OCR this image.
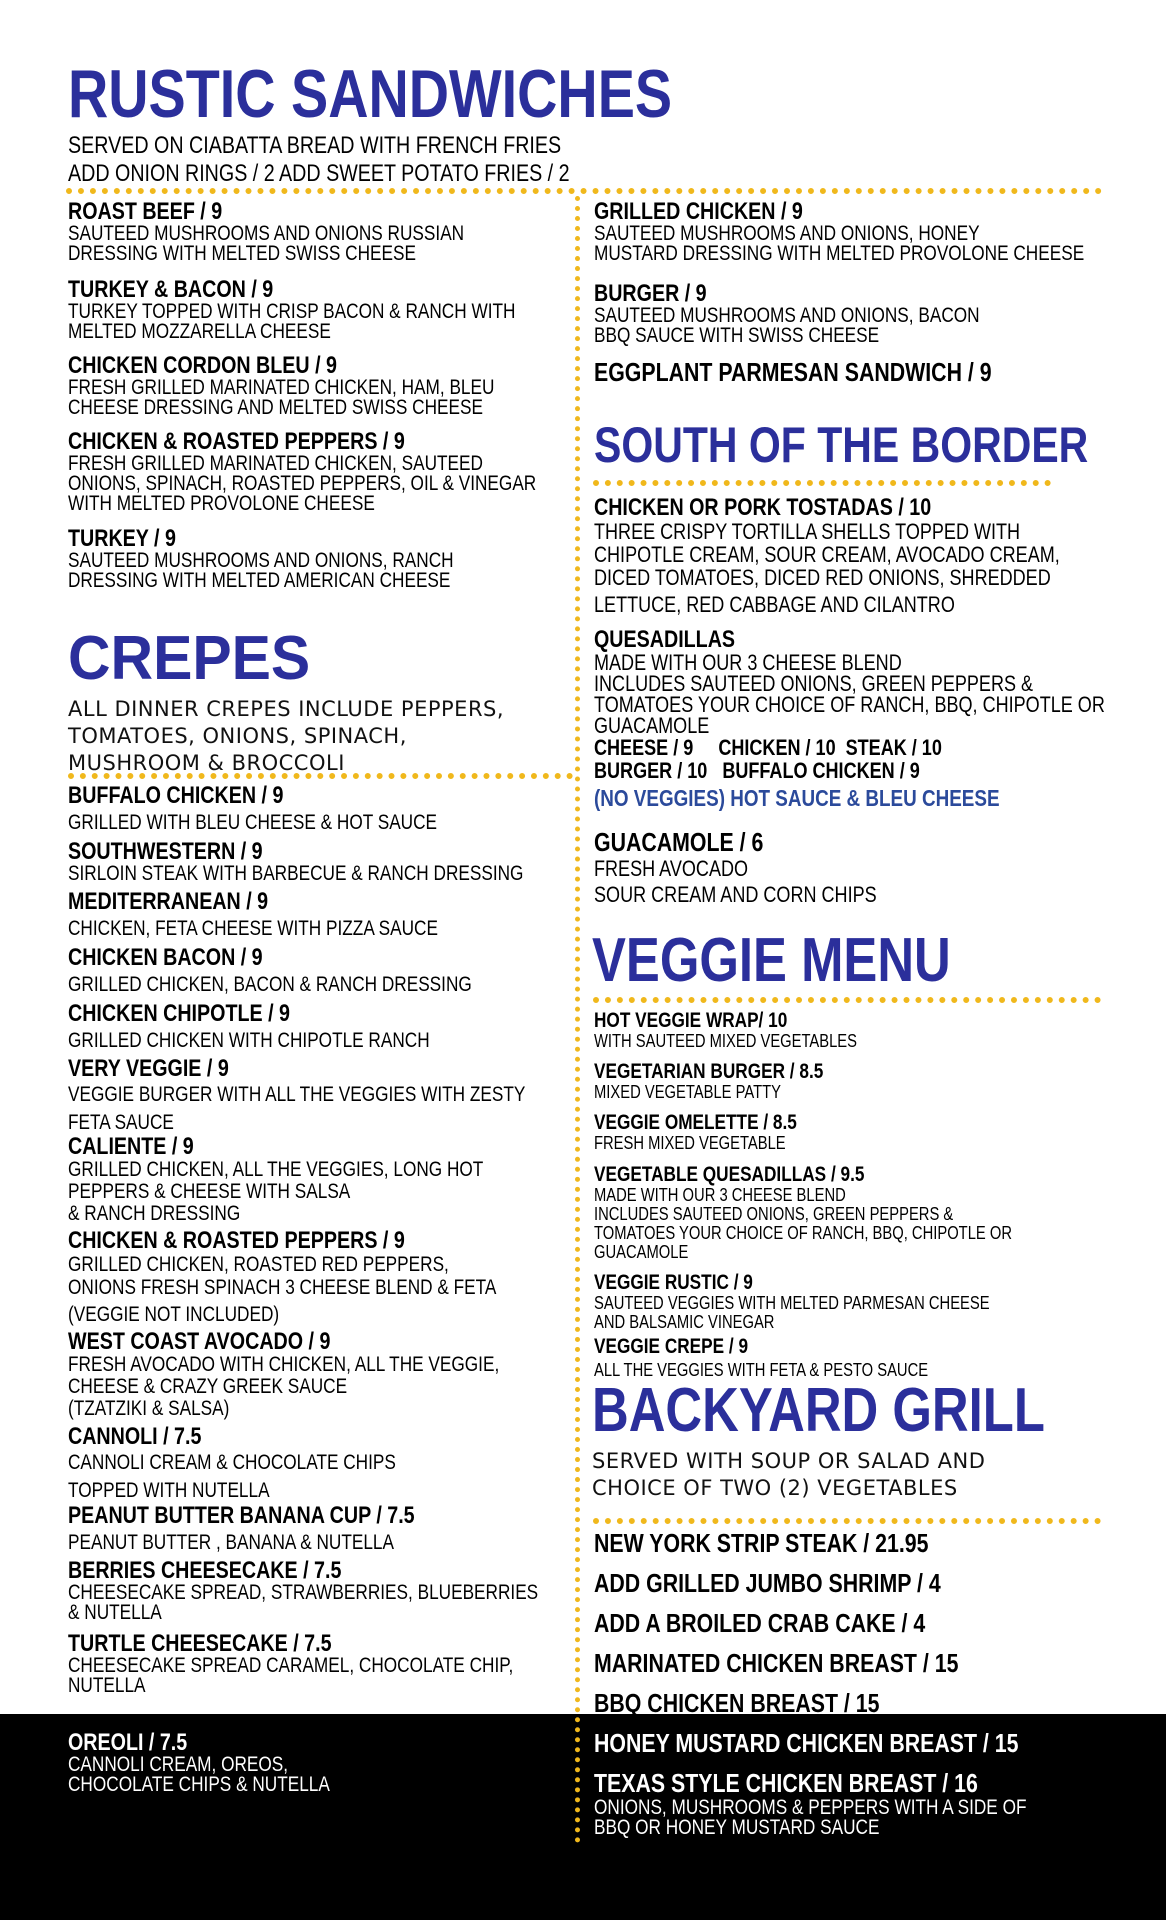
RUSTIC SANDWICHES
SERVED ON CIABATTA BREAD WITH FRENCH FRIES
ADD ONION RINGS / 2 ADD SWEET POTATO FRIES / 2
ROAST BEEF / 9
SAUTEED MUSHROOMS AND ONIONS RUSSIAN
DRESSING WITH MELTED SWISS CHEESE
TURKEY & BACON / 9
TURKEY TOPPED WITH CRISP BACON & RANCH WITH
MELTED MOZZARELLA CHEESE
CHICKEN CORDON BLEU / 9
FRESH GRILLED MARINATED CHICKEN, HAM, BLEU
CHEESE DRESSING AND MELTED SWISS CHEESE
CHICKEN & ROASTED PEPPERS / 9
FRESH GRILLED MARINATED CHICKEN, SAUTEED
ONIONS, SPINACH, ROASTED PEPPERS, OIL & VINEGAR
WITH MELTED PROVOLONE CHEESE
TURKEY / 9
SAUTEED MUSHROOMS AND ONIONS, RANCH
DRESSING WITH MELTED AMERICAN CHEESE
GRILLED CHICKEN / 9
SAUTEED MUSHROOMS AND ONIONS, HONEY
MUSTARD DRESSING WITH MELTED PROVOLONE CHEESE
BURGER / 9
SAUTEED MUSHROOMS AND ONIONS, BACON
BBQ SAUCE WITH SWISS CHEESE
EGGPLANT PARMESAN SANDWICH / 9
SOUTH OF THE BORDER
CHICKEN OR PORK TOSTADAS / 10
THREE CRISPY TORTILLA SHELLS TOPPED WITH
CHIPOTLE CREAM, SOUR CREAM, AVOCADO CREAM,
DICED TOMATOES, DICED RED ONIONS, SHREDDED
LETTUCE, RED CABBAGE AND CILANTRO
QUESADILLAS
MADE WITH OUR 3 CHEESE BLEND
INCLUDES SAUTEED ONIONS, GREEN PEPPERS &
TOMATOES YOUR CHOICE OF RANCH, BBQ, CHIPOTLE OR
GUACAMOLE
CHEESE / 9     CHICKEN / 10  STEAK / 10
BURGER / 10   BUFFALO CHICKEN / 9
(NO VEGGIES) HOT SAUCE & BLEU CHEESE
GUACAMOLE / 6
FRESH AVOCADO
SOUR CREAM AND CORN CHIPS
VEGGIE MENU
HOT VEGGIE WRAP/ 10
WITH SAUTEED MIXED VEGETABLES
VEGETARIAN BURGER / 8.5
MIXED VEGETABLE PATTY
VEGGIE OMELETTE / 8.5
FRESH MIXED VEGETABLE
VEGETABLE QUESADILLAS / 9.5
MADE WITH OUR 3 CHEESE BLEND
INCLUDES SAUTEED ONIONS, GREEN PEPPERS &
TOMATOES YOUR CHOICE OF RANCH, BBQ, CHIPOTLE OR
GUACAMOLE
VEGGIE RUSTIC / 9
SAUTEED VEGGIES WITH MELTED PARMESAN CHEESE
AND BALSAMIC VINEGAR
VEGGIE CREPE / 9
ALL THE VEGGIES WITH FETA & PESTO SAUCE
BACKYARD GRILL
SERVED WITH SOUP OR SALAD AND
CHOICE OF TWO (2) VEGETABLES
NEW YORK STRIP STEAK / 21.95
ADD GRILLED JUMBO SHRIMP / 4
ADD A BROILED CRAB CAKE / 4
MARINATED CHICKEN BREAST / 15
BBQ CHICKEN BREAST / 15
HONEY MUSTARD CHICKEN BREAST / 15
TEXAS STYLE CHICKEN BREAST / 16
ONIONS, MUSHROOMS & PEPPERS WITH A SIDE OF
BBQ OR HONEY MUSTARD SAUCE
CREPES
ALL DINNER CREPES INCLUDE PEPPERS,
TOMATOES, ONIONS, SPINACH,
MUSHROOM & BROCCOLI
BUFFALO CHICKEN / 9
GRILLED WITH BLEU CHEESE & HOT SAUCE
SOUTHWESTERN / 9
SIRLOIN STEAK WITH BARBECUE & RANCH DRESSING
MEDITERRANEAN / 9
CHICKEN, FETA CHEESE WITH PIZZA SAUCE
CHICKEN BACON / 9
GRILLED CHICKEN, BACON & RANCH DRESSING
CHICKEN CHIPOTLE / 9
GRILLED CHICKEN WITH CHIPOTLE RANCH
VERY VEGGIE / 9
VEGGIE BURGER WITH ALL THE VEGGIES WITH ZESTY
FETA SAUCE
CALIENTE / 9
GRILLED CHICKEN, ALL THE VEGGIES, LONG HOT
PEPPERS & CHEESE WITH SALSA
& RANCH DRESSING
CHICKEN & ROASTED PEPPERS / 9
GRILLED CHICKEN, ROASTED RED PEPPERS,
ONIONS FRESH SPINACH 3 CHEESE BLEND & FETA
(VEGGIE NOT INCLUDED)
WEST COAST AVOCADO / 9
FRESH AVOCADO WITH CHICKEN, ALL THE VEGGIE,
CHEESE & CRAZY GREEK SAUCE
(TZATZIKI & SALSA)
CANNOLI / 7.5
CANNOLI CREAM & CHOCOLATE CHIPS
TOPPED WITH NUTELLA
PEANUT BUTTER BANANA CUP / 7.5
PEANUT BUTTER , BANANA & NUTELLA
BERRIES CHEESECAKE / 7.5
CHEESECAKE SPREAD, STRAWBERRIES, BLUEBERRIES
& NUTELLA
TURTLE CHEESECAKE / 7.5
CHEESECAKE SPREAD CARAMEL, CHOCOLATE CHIP,
NUTELLA
OREOLI / 7.5
CANNOLI CREAM, OREOS,
CHOCOLATE CHIPS & NUTELLA
